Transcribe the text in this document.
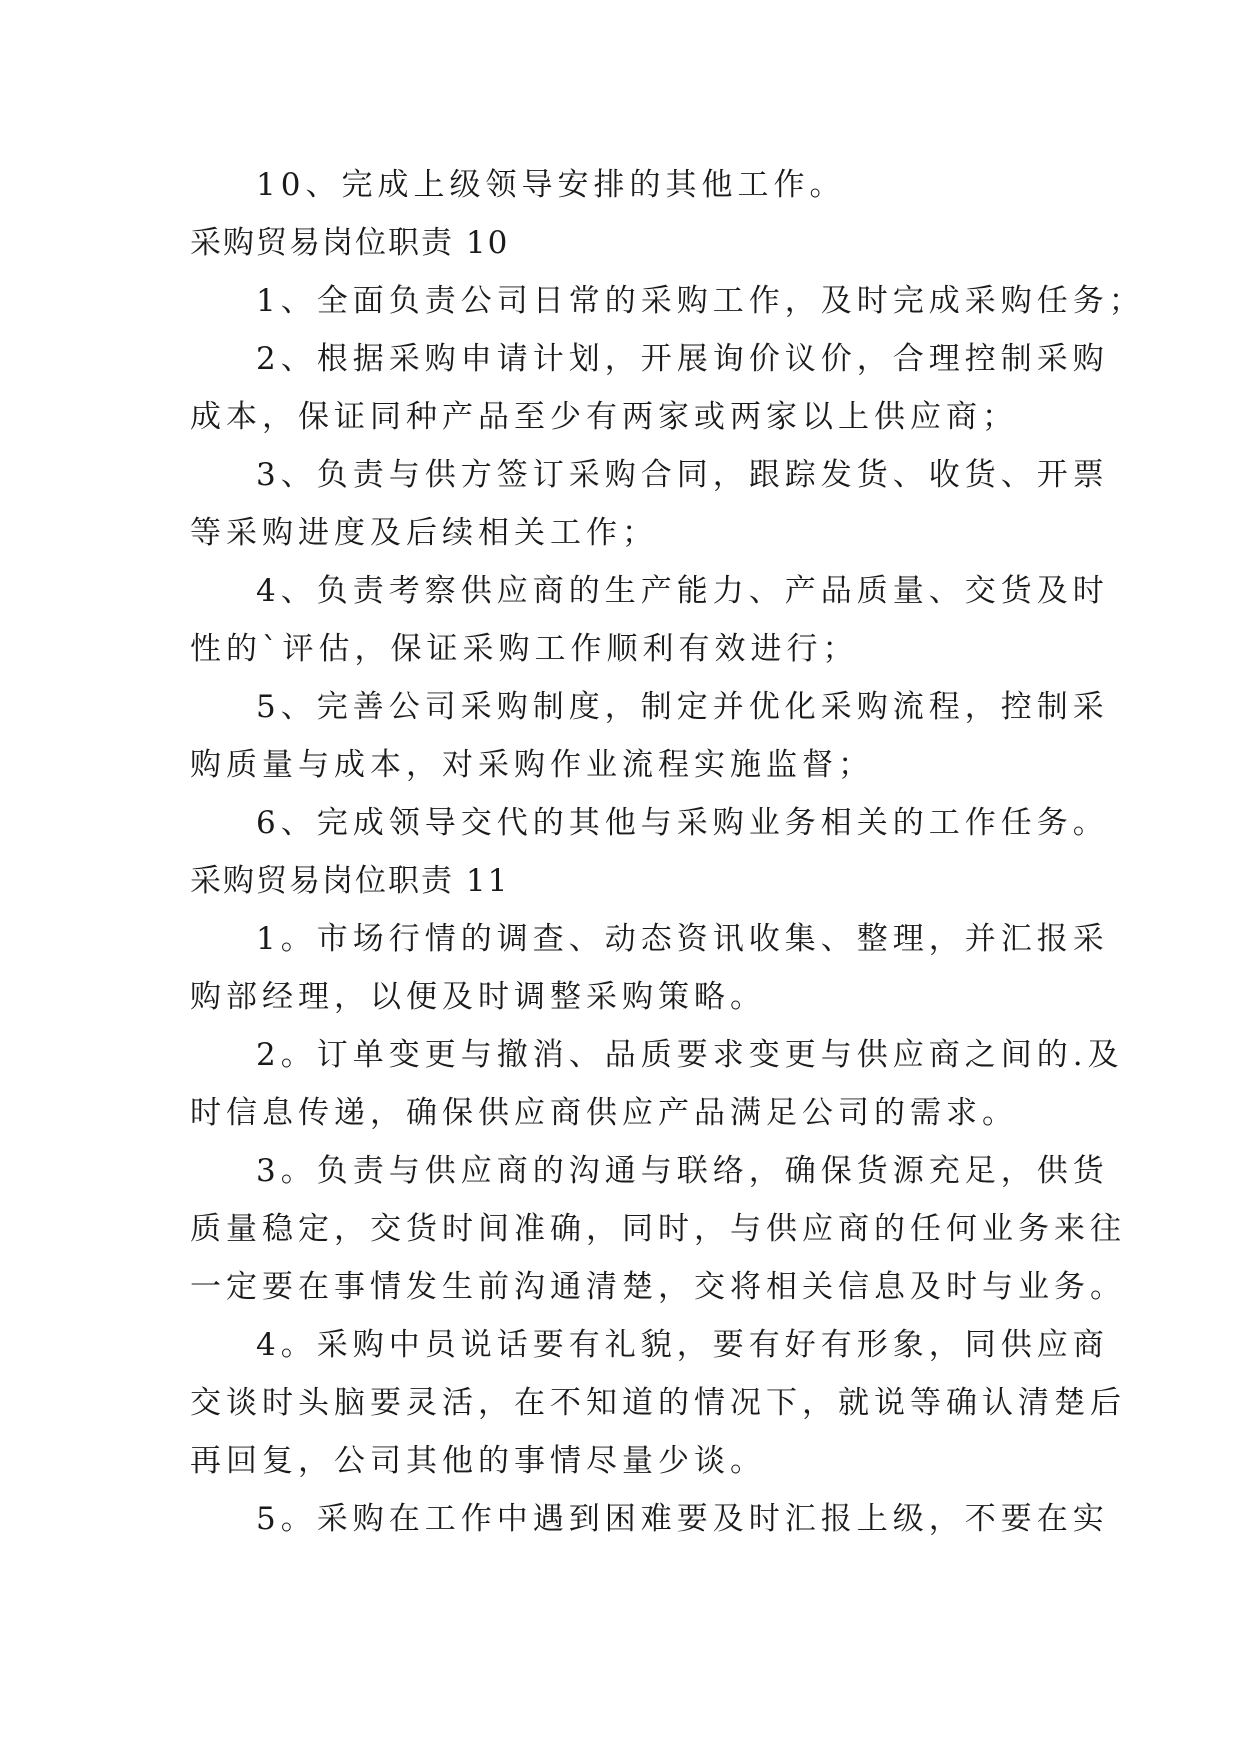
10、完成上级领导安排的其他工作。

采购贸易岗位职责 10

1、全面负责公司日常的采购工作，及时完成采购任务；

2、根据采购申请计划，开展询价议价，合理控制采购

成本，保证同种产品至少有两家或两家以上供应商；

3、负责与供方签订采购合同，跟踪发货、收货、开票

等采购进度及后续相关工作；

4、负责考察供应商的生产能力、产品质量、交货及时

性的`评估，保证采购工作顺利有效进行；

5、完善公司采购制度，制定并优化采购流程，控制采

购质量与成本，对采购作业流程实施监督；

6、完成领导交代的其他与采购业务相关的工作任务。

采购贸易岗位职责 11

1。市场行情的调查、动态资讯收集、整理，并汇报采

购部经理，以便及时调整采购策略。

2。订单变更与撤消、品质要求变更与供应商之间的.及

时信息传递，确保供应商供应产品满足公司的需求。

3。负责与供应商的沟通与联络，确保货源充足，供货

质量稳定，交货时间准确，同时，与供应商的任何业务来往

一定要在事情发生前沟通清楚，交将相关信息及时与业务。

4。采购中员说话要有礼貌，要有好有形象，同供应商

交谈时头脑要灵活，在不知道的情况下，就说等确认清楚后

再回复，公司其他的事情尽量少谈。

5。采购在工作中遇到困难要及时汇报上级，不要在实
